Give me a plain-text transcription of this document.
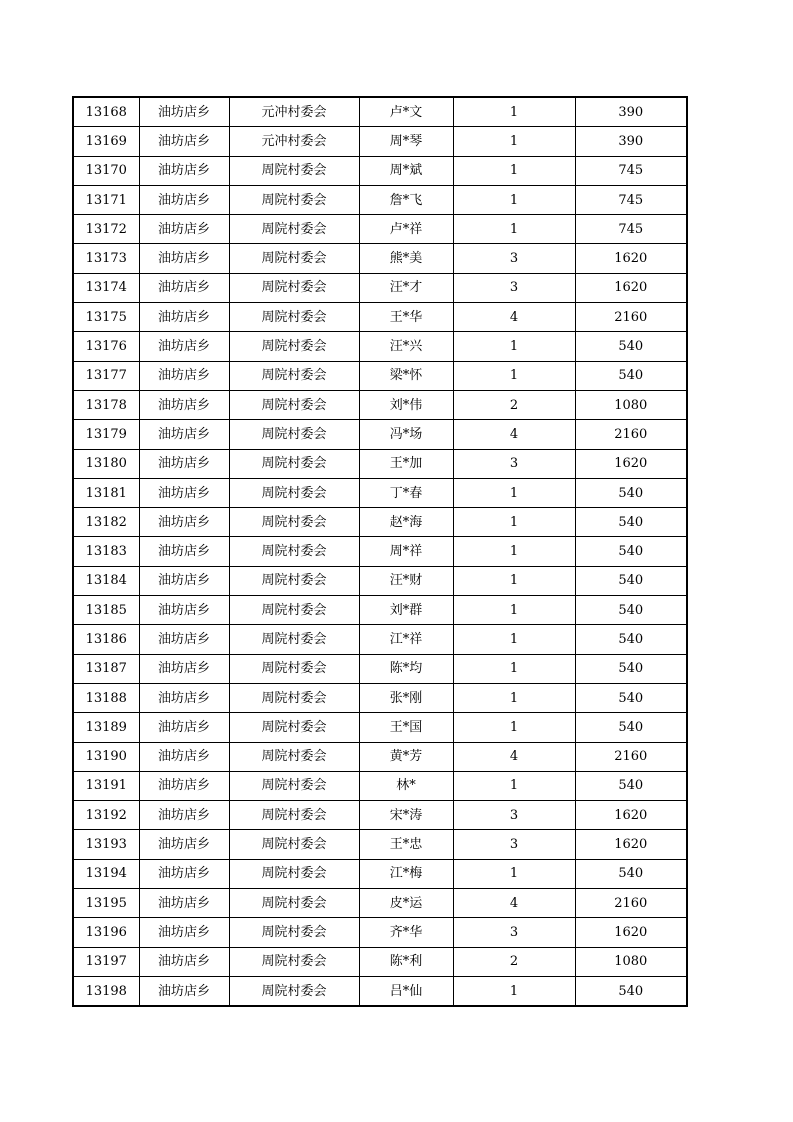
13168	油坊店乡	元冲村委会	卢*文	1	390
13169	油坊店乡	元冲村委会	周*琴	1	390
13170	油坊店乡	周院村委会	周*斌	1	745
13171	油坊店乡	周院村委会	詹*飞	1	745
13172	油坊店乡	周院村委会	卢*祥	1	745
13173	油坊店乡	周院村委会	熊*美	3	1620
13174	油坊店乡	周院村委会	汪*才	3	1620
13175	油坊店乡	周院村委会	王*华	4	2160
13176	油坊店乡	周院村委会	汪*兴	1	540
13177	油坊店乡	周院村委会	梁*怀	1	540
13178	油坊店乡	周院村委会	刘*伟	2	1080
13179	油坊店乡	周院村委会	冯*场	4	2160
13180	油坊店乡	周院村委会	王*加	3	1620
13181	油坊店乡	周院村委会	丁*春	1	540
13182	油坊店乡	周院村委会	赵*海	1	540
13183	油坊店乡	周院村委会	周*祥	1	540
13184	油坊店乡	周院村委会	汪*财	1	540
13185	油坊店乡	周院村委会	刘*群	1	540
13186	油坊店乡	周院村委会	江*祥	1	540
13187	油坊店乡	周院村委会	陈*均	1	540
13188	油坊店乡	周院村委会	张*刚	1	540
13189	油坊店乡	周院村委会	王*国	1	540
13190	油坊店乡	周院村委会	黄*芳	4	2160
13191	油坊店乡	周院村委会	林*	1	540
13192	油坊店乡	周院村委会	宋*涛	3	1620
13193	油坊店乡	周院村委会	王*忠	3	1620
13194	油坊店乡	周院村委会	江*梅	1	540
13195	油坊店乡	周院村委会	皮*运	4	2160
13196	油坊店乡	周院村委会	齐*华	3	1620
13197	油坊店乡	周院村委会	陈*利	2	1080
13198	油坊店乡	周院村委会	吕*仙	1	540
